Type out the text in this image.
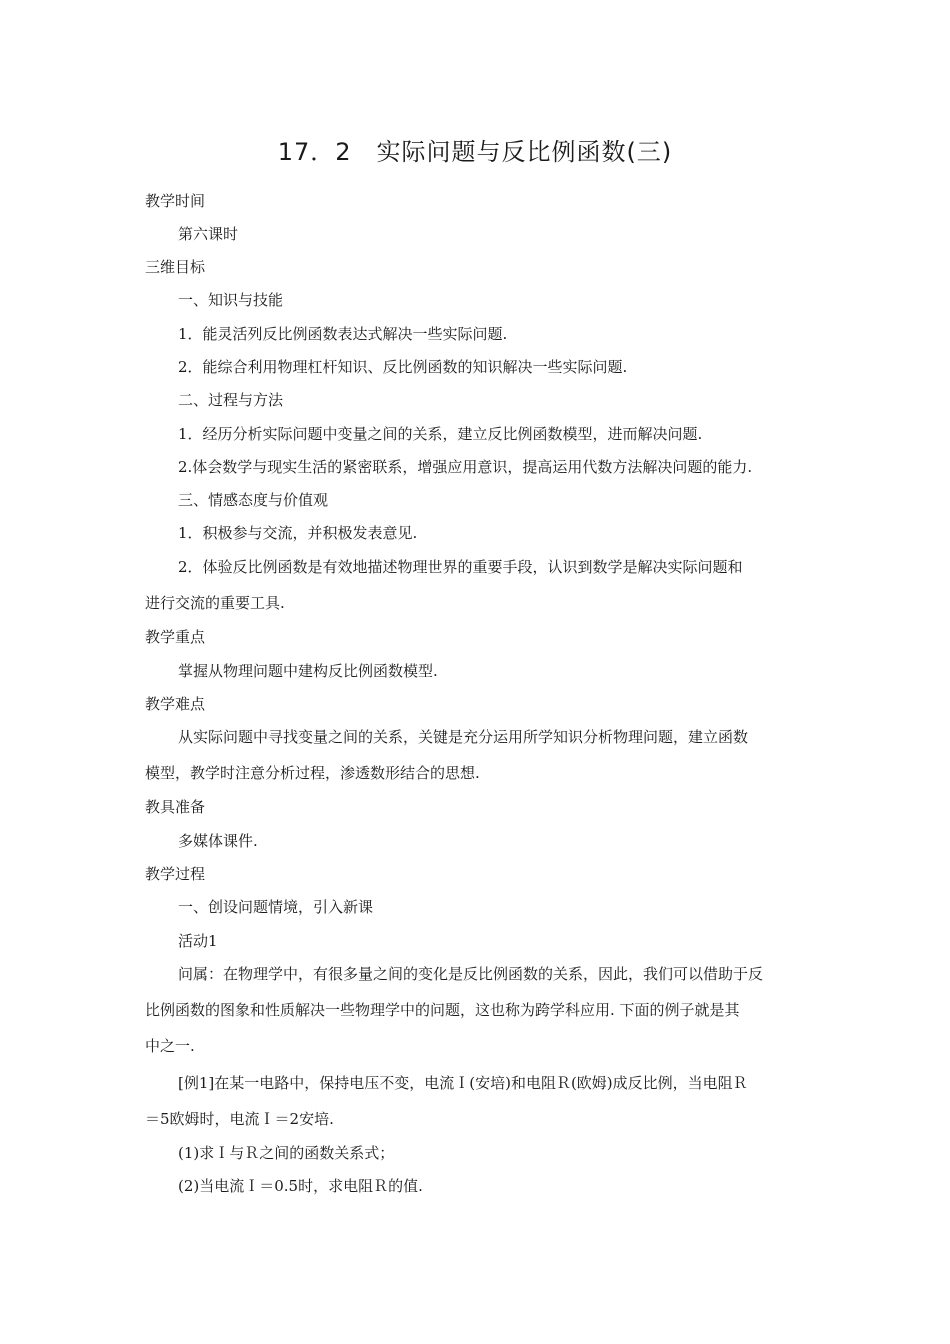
17．2　实际问题与反比例函数(三)
教学时间
第六课时
三维目标
一、知识与技能
1．能灵活列反比例函数表达式解决一些实际问题.
2．能综合利用物理杠杆知识、反比例函数的知识解决一些实际问题.
二、过程与方法
1．经历分析实际问题中变量之间的关系，建立反比例函数模型，进而解决问题.
2.体会数学与现实生活的紧密联系，增强应用意识，提高运用代数方法解决问题的能力.
三、情感态度与价值观
1．积极参与交流，并积极发表意见.
2．体验反比例函数是有效地描述物理世界的重要手段，认识到数学是解决实际问题和
进行交流的重要工具.
教学重点
掌握从物理问题中建构反比例函数模型.
教学难点
从实际问题中寻找变量之间的关系，关键是充分运用所学知识分析物理问题，建立函数
模型，教学时注意分析过程，渗透数形结合的思想.
教具准备
多媒体课件.
教学过程
一、创设问题情境，引入新课
活动1
问属：在物理学中，有很多量之间的变化是反比例函数的关系，因此，我们可以借助于反
比例函数的图象和性质解决一些物理学中的问题，这也称为跨学科应用. 下面的例子就是其
中之一.
[例1]在某一电路中，保持电压不变，电流Ｉ(安培)和电阻Ｒ(欧姆)成反比例，当电阻Ｒ
＝5欧姆时，电流Ｉ＝2安培.
(1)求Ｉ与Ｒ之间的函数关系式；
(2)当电流Ｉ＝0.5时，求电阻Ｒ的值.
